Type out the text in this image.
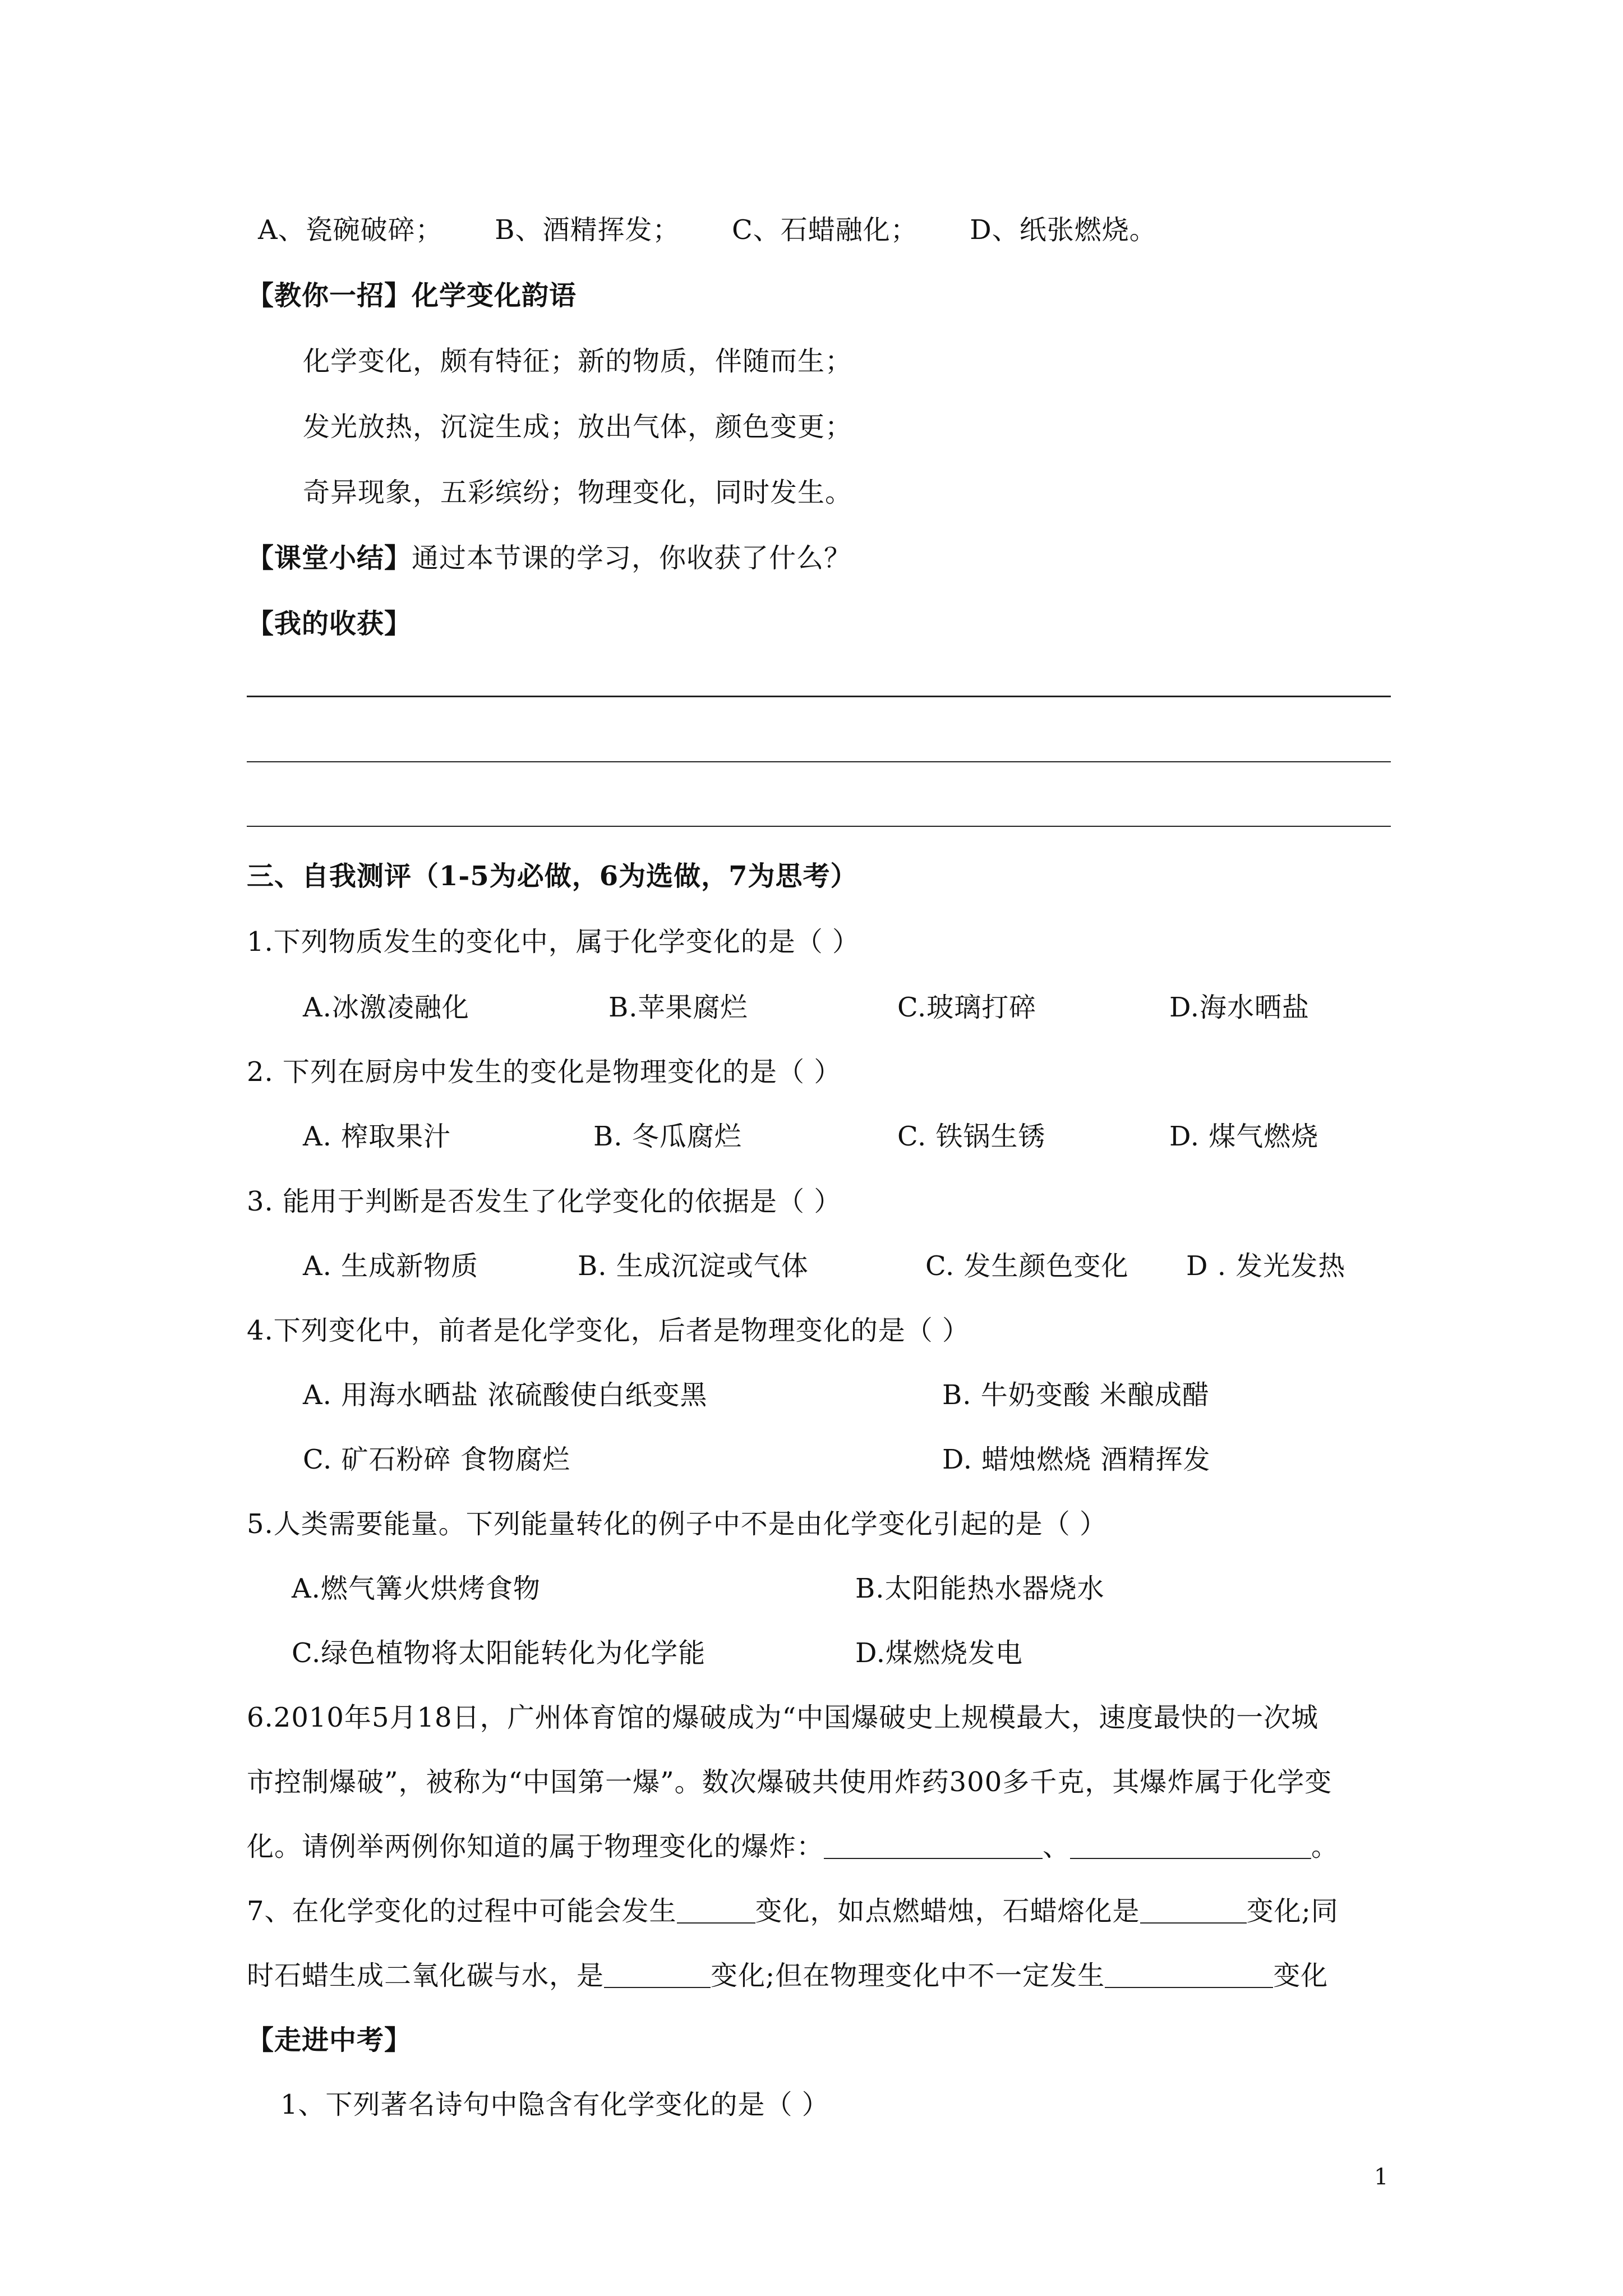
A、瓷碗破碎； B、酒精挥发； C、石蜡融化； D、纸张燃烧。
【教你一招】化学变化韵语
化学变化，颇有特征；新的物质，伴随而生；
发光放热，沉淀生成；放出气体，颜色变更；
奇异现象，五彩缤纷；物理变化，同时发生。
【课堂小结】通过本节课的学习，你收获了什么？
【我的收获】
三、自我测评（1-5为必做，6为选做，7为思考）
1.下列物质发生的变化中，属于化学变化的是（ ）
A.冰激凌融化	B.苹果腐烂	C.玻璃打碎	D.海水晒盐
2. 下列在厨房中发生的变化是物理变化的是（ ）
A. 榨取果汁	B. 冬瓜腐烂	C. 铁锅生锈	D. 煤气燃烧
3. 能用于判断是否发生了化学变化的依据是（ ）
A. 生成新物质	B. 生成沉淀或气体	C. 发生颜色变化 D . 发光发热
4.下列变化中，前者是化学变化，后者是物理变化的是（ ）
A. 用海水晒盐 浓硫酸使白纸变黑	B. 牛奶变酸 米酿成醋
C. 矿石粉碎 食物腐烂	D. 蜡烛燃烧 酒精挥发
5.人类需要能量。下列能量转化的例子中不是由化学变化引起的是（ ）
A.燃气篝火烘烤食物	B.太阳能热水器烧水
C.绿色植物将太阳能转化为化学能	D.煤燃烧发电
6.2010年5月18日，广州体育馆的爆破成为“中国爆破史上规模最大，速度最快的一次城
市控制爆破”，被称为“中国第一爆”。数次爆破共使用炸药300多千克，其爆炸属于化学变
化。请例举两例你知道的属于物理变化的爆炸：	、	。
7、在化学变化的过程中可能会发生	变化，如点燃蜡烛，石蜡熔化是	变化;同
时石蜡生成二氧化碳与水，是	变化;但在物理变化中不一定发生	变化
【走进中考】
1、下列著名诗句中隐含有化学变化的是（ ）
1
